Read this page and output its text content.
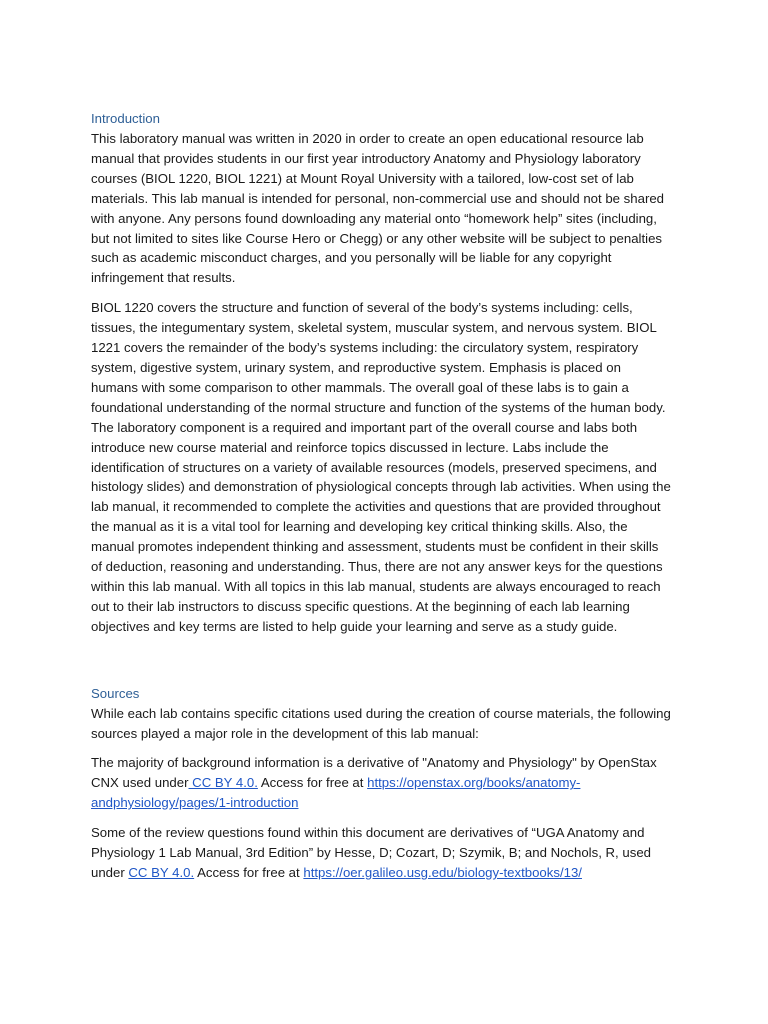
Introduction

This laboratory manual was written in 2020 in order to create an open educational resource lab manual that provides students in our first year introductory Anatomy and Physiology laboratory courses (BIOL 1220, BIOL 1221) at Mount Royal University with a tailored, low-cost set of lab materials. This lab manual is intended for personal, non-commercial use and should not be shared with anyone. Any persons found downloading any material onto “homework help” sites (including, but not limited to sites like Course Hero or Chegg) or any other website will be subject to penalties such as academic misconduct charges, and you personally will be liable for any copyright infringement that results.

BIOL 1220 covers the structure and function of several of the body’s systems including: cells, tissues, the integumentary system, skeletal system, muscular system, and nervous system. BIOL 1221 covers the remainder of the body’s systems including: the circulatory system, respiratory system, digestive system, urinary system, and reproductive system. Emphasis is placed on humans with some comparison to other mammals. The overall goal of these labs is to gain a foundational understanding of the normal structure and function of the systems of the human body. The laboratory component is a required and important part of the overall course and labs both introduce new course material and reinforce topics discussed in lecture. Labs include the identification of structures on a variety of available resources (models, preserved specimens, and histology slides) and demonstration of physiological concepts through lab activities. When using the lab manual, it recommended to complete the activities and questions that are provided throughout the manual as it is a vital tool for learning and developing key critical thinking skills. Also, the manual promotes independent thinking and assessment, students must be confident in their skills of deduction, reasoning and understanding. Thus, there are not any answer keys for the questions within this lab manual. With all topics in this lab manual, students are always encouraged to reach out to their lab instructors to discuss specific questions. At the beginning of each lab learning objectives and key terms are listed to help guide your learning and serve as a study guide.

Sources

While each lab contains specific citations used during the creation of course materials, the following sources played a major role in the development of this lab manual:

The majority of background information is a derivative of "Anatomy and Physiology" by OpenStax CNX used under CC BY 4.0. Access for free at https://openstax.org/books/anatomy-andphysiology/pages/1-introduction

Some of the review questions found within this document are derivatives of “UGA Anatomy and Physiology 1 Lab Manual, 3rd Edition” by Hesse, D; Cozart, D; Szymik, B; and Nochols, R, used under CC BY 4.0. Access for free at https://oer.galileo.usg.edu/biology-textbooks/13/
